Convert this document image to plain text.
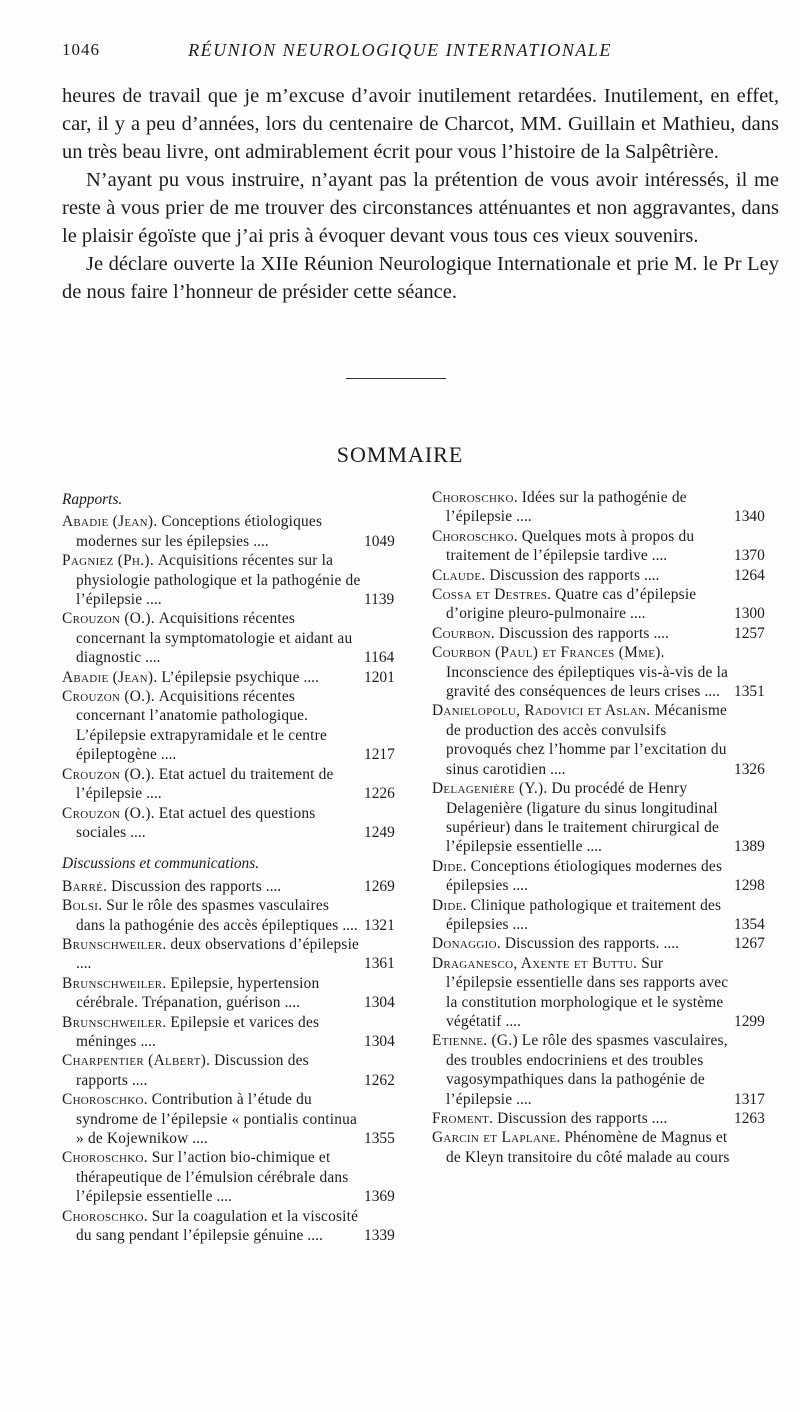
1046	RÉUNION NEUROLOGIQUE INTERNATIONALE

heures de travail que je m’excuse d’avoir inutilement retardées. Inutilement, en effet, car, il y a peu d’années, lors du centenaire de Charcot, MM. Guillain et Mathieu, dans un très beau livre, ont admirablement écrit pour vous l’histoire de la Salpêtrière.

N’ayant pu vous instruire, n’ayant pas la prétention de vous avoir intéressés, il me reste à vous prier de me trouver des circonstances atténuantes et non aggravantes, dans le plaisir égoïste que j’ai pris à évoquer devant vous tous ces vieux souvenirs.

Je déclare ouverte la XIIe Réunion Neurologique Internationale et prie M. le Pr Ley de nous faire l’honneur de présider cette séance.

SOMMAIRE
Rapports.

Abadie (Jean). Conceptions étiologiques modernes sur les épilepsies ....	1049

Pagniez (Ph.). Acquisitions récentes sur la physiologie pathologique et la pathogénie de l’épilepsie ....	1139

Crouzon (O.). Acquisitions récentes concernant la symptomatologie et aidant au diagnostic ....	1164

Abadie (Jean). L’épilepsie psychique ....	1201

Crouzon (O.). Acquisitions récentes concernant l’anatomie pathologique. L’épilepsie extrapyramidale et le centre épileptogène ....	1217

Crouzon (O.). Etat actuel du traitement de l’épilepsie ....	1226

Crouzon (O.). Etat actuel des questions sociales ....	1249

Discussions et communications.

Barré. Discussion des rapports ....	1269

Bolsi. Sur le rôle des spasmes vasculaires dans la pathogénie des accès épileptiques .... 1321

Brunschweiler. deux observations d’épilepsie ....	1361

Brunschweiler. Epilepsie, hypertension cérébrale. Trépanation, guérison ....	1304

Brunschweiler. Epilepsie et varices des méninges ....	1304

Charpentier (Albert). Discussion des rapports ....	1262

Choroschko. Contribution à l’étude du syndrome de l’épilepsie « pontialis continua » de Kojewnikow ....	1355

Choroschko. Sur l’action bio-chimique et thérapeutique de l’émulsion cérébrale dans l’épilepsie essentielle ....	1369

Choroschko. Sur la coagulation et la viscosité du sang pendant l’épilepsie génuine ....	1339

Choroschko. Idées sur la pathogénie de l’épilepsie ....	1340

Choroschko. Quelques mots à propos du traitement de l’épilepsie tardive ....	1370

Claude. Discussion des rapports ....	1264

Cossa et Destres. Quatre cas d’épilepsie d’origine pleuro-pulmonaire ....	1300

Courbon. Discussion des rapports ....	1257

Courbon (Paul) et Frances (Mme). Inconscience des épileptiques vis-à-vis de la gravité des conséquences de leurs crises .... 1351

Danielopolu, Radovici et Aslan. Mécanisme de production des accès convulsifs provoqués chez l’homme par l’excitation du sinus carotidien ....	1326

Delagenière (Y.). Du procédé de Henry Delagenière (ligature du sinus longitudinal supérieur) dans le traitement chirurgical de l’épilepsie essentielle ....	1389

Dide. Conceptions étiologiques modernes des épilepsies ....	1298

Dide. Clinique pathologique et traitement des épilepsies ....	1354

Donaggio. Discussion des rapports. ....	1267

Draganesco, Axente et Buttu. Sur l’épilepsie essentielle dans ses rapports avec la constitution morphologique et le système végétatif ....	1299

Etienne. (G.) Le rôle des spasmes vasculaires, des troubles endocriniens et des troubles vagosympathiques dans la pathogénie de l’épilepsie ....	1317

Froment. Discussion des rapports ....	1263

Garcin et Laplane. Phénomène de Magnus et de Kleyn transitoire du côté malade au cours
